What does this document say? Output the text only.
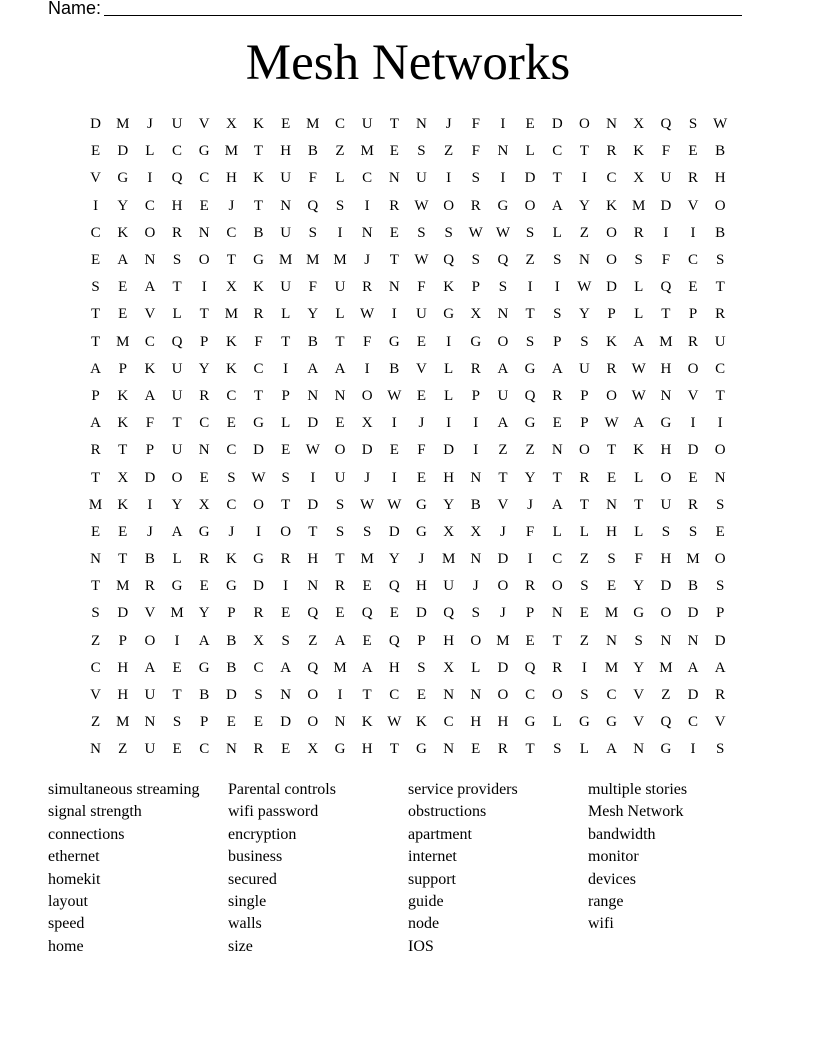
Name:
Mesh Networks
D	M	J	U	V	X	K	E	M	C	U	T	N	J	F	I	E	D	O	N	X	Q	S	W
E	D	L	C	G	M	T	H	B	Z	M	E	S	Z	F	N	L	C	T	R	K	F	E	B
V	G	I	Q	C	H	K	U	F	L	C	N	U	I	S	I	D	T	I	C	X	U	R	H
I	Y	C	H	E	J	T	N	Q	S	I	R	W O	R	G	O	A	Y	K	M	D	V	O
C	K	O	R	N	C	B	U	S	I	N	E	S	S	W W	S	L	Z	O	R	I	I	B
E	A	N	S	O	T	G	M M M	J	T	W Q	S	Q	Z	S	N	O	S	F	C	S
S	E	A	T	I	X	K	U	F	U	R	N	F	K	P	S	I	I	W D	L	Q	E	T
T	E	V	L	T	M	R	L	Y	L	W	I	U	G	X	N	T	S	Y	P	L	T	P	R
T	M	C	Q	P	K	F	T	B	T	F	G	E	I	G	O	S	P	S	K	A	M	R	U
A	P	K	U	Y	K	C	I	A	A	I	B	V	L	R	A	G	A	U	R	W H	O	C
P	K	A	U	R	C	T	P	N	N	O W	E	L	P	U	Q	R	P	O W N	V	T
A	K	F	T	C	E	G	L	D	E	X	I	J	I	I	A	G	E	P	W A	G	I	I
R	T	P	U	N	C	D	E	W O	D	E	F	D	I	Z	Z	N	O	T	K	H	D	O
T	X	D	O	E	S	W	S	I	U	J	I	E	H	N	T	Y	T	R	E	L	O	E	N
M	K	I	Y	X	C	O	T	D	S	W W G	Y	B	V	J	A	T	N	T	U	R	S
E	E	J	A	G	J	I	O	T	S	S	D	G	X	X	J	F	L	L	H	L	S	S	E
N	T	B	L	R	K	G	R	H	T	M	Y	J	M	N	D	I	C	Z	S	F	H	M	O
T	M	R	G	E	G	D	I	N	R	E	Q	H	U	J	O	R	O	S	E	Y	D	B	S
S	D	V	M	Y	P	R	E	Q	E	Q	E	D	Q	S	J	P	N	E	M	G	O	D	P
Z	P	O	I	A	B	X	S	Z	A	E	Q	P	H	O	M	E	T	Z	N	S	N	N	D
C	H	A	E	G	B	C	A	Q	M	A	H	S	X	L	D	Q	R	I	M	Y	M	A	A
V	H	U	T	B	D	S	N	O	I	T	C	E	N	N	O	C	O	S	C	V	Z	D	R
Z	M	N	S	P	E	E	D	O	N	K W K	C	H	H	G	L	G	G	V	Q	C	V
N	Z	U	E	C	N	R	E	X	G	H	T	G	N	E	R	T	S	L	A	N	G	I	S
simultaneous streaming
signal strength
connections
ethernet
homekit
layout
speed
home
Parental controls
wifi password
encryption
business
secured
single
walls
size
service providers
obstructions
apartment
internet
support
guide
node
IOS
multiple stories
Mesh Network
bandwidth
monitor
devices
range
wifi
